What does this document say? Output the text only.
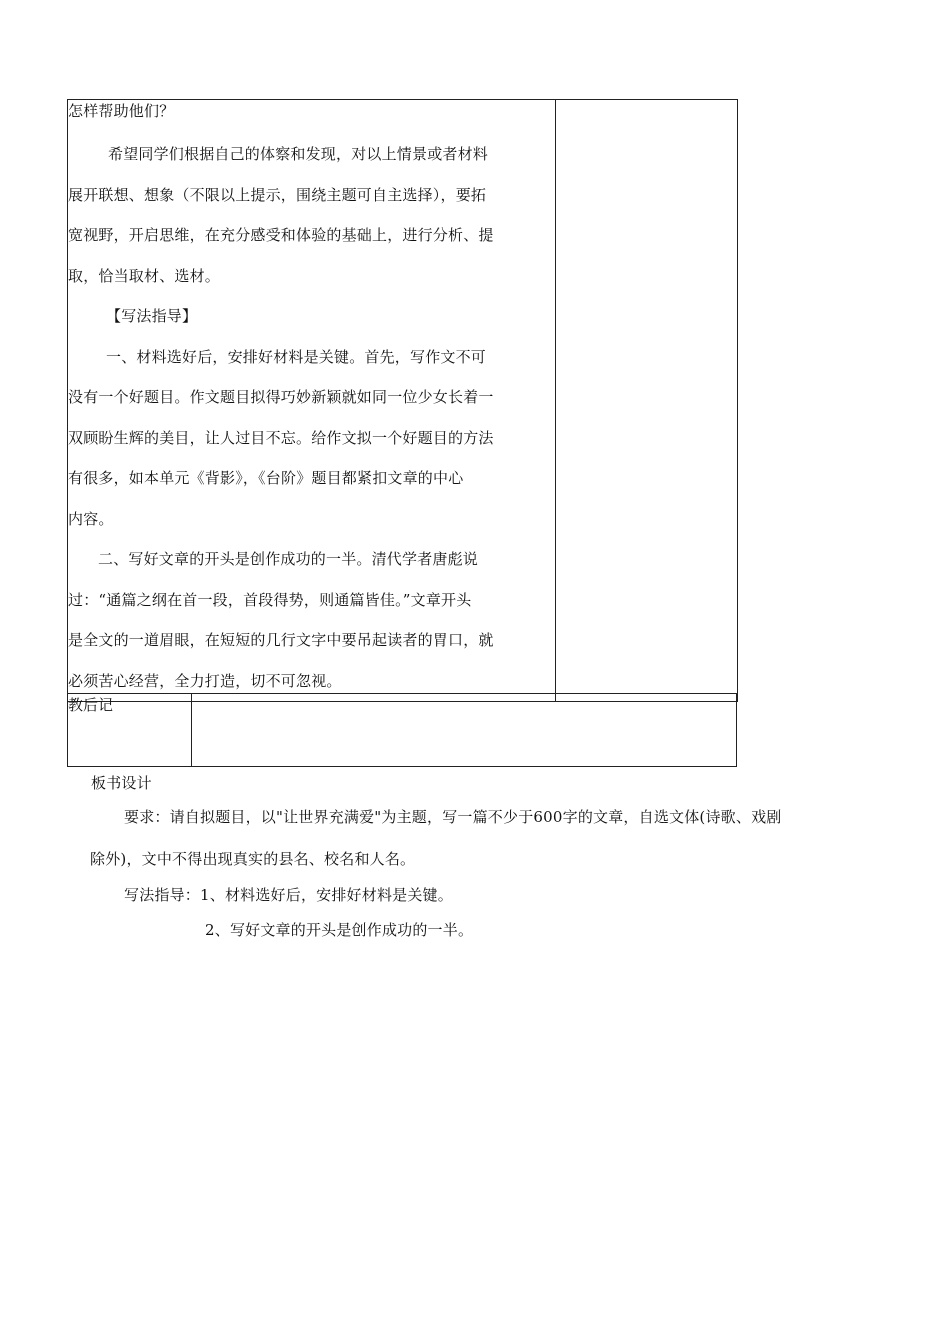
怎样帮助他们？
希望同学们根据自己的体察和发现，对以上情景或者材料
展开联想、想象（不限以上提示，围绕主题可自主选择），要拓
宽视野，开启思维，在充分感受和体验的基础上，进行分析、提
取，恰当取材、选材。
【写法指导】
一、材料选好后，安排好材料是关键。首先，写作文不可
没有一个好题目。作文题目拟得巧妙新颖就如同一位少女长着一
双顾盼生辉的美目，让人过目不忘。给作文拟一个好题目的方法
有很多，如本单元《背影》，《台阶》题目都紧扣文章的中心
内容。
二、写好文章的开头是创作成功的一半。清代学者唐彪说
过：“通篇之纲在首一段，首段得势，则通篇皆佳。”文章开头
是全文的一道眉眼，在短短的几行文字中要吊起读者的胃口，就
必须苦心经营，全力打造，切不可忽视。

教后记	
板书设计
要求：请自拟题目，以"让世界充满爱"为主题，写一篇不少于600字的文章，自选文体(诗歌、戏剧
除外)，文中不得出现真实的县名、校名和人名。
写法指导：1、材料选好后，安排好材料是关键。
2、写好文章的开头是创作成功的一半。
